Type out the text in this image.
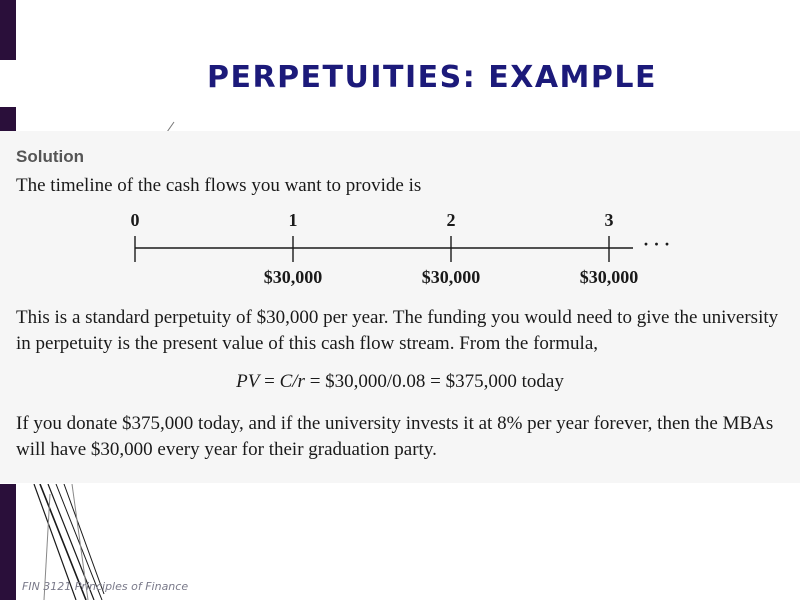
PERPETUITIES: EXAMPLE
Solution

The timeline of the cash flows you want to provide is

0	1	2	3
· · ·
$30,000	$30,000	$30,000

This is a standard perpetuity of $30,000 per year. The funding you would need to give the university in perpetuity is the present value of this cash flow stream. From the formula,

PV = C/r = $30,000/0.08 = $375,000 today

If you donate $375,000 today, and if the university invests it at 8% per year forever, then the MBAs will have $30,000 every year for their graduation party.

FIN 3121 Principles of Finance
